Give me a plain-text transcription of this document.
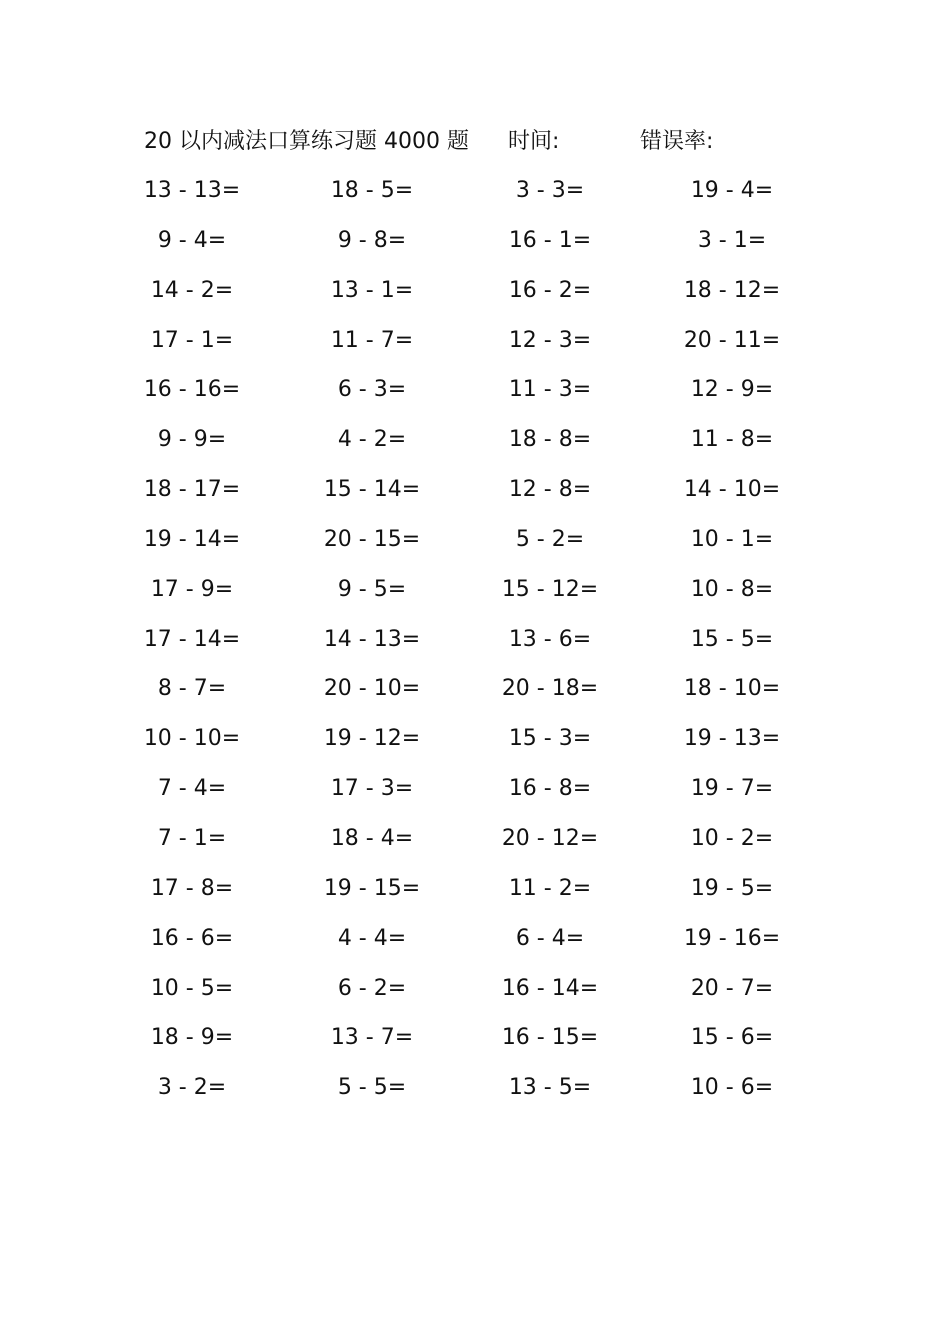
20 以内减法口算练习题 4000 题 时间:	错误率:
13 - 13=	18 - 5=	3 - 3=	19 - 4=
9 - 4=	9 - 8=	16 - 1=	3 - 1=
14 - 2=	13 - 1=	16 - 2=	18 - 12=
17 - 1=	11 - 7=	12 - 3=	20 - 11=
16 - 16=	6 - 3=	11 - 3=	12 - 9=
9 - 9=	4 - 2=	18 - 8=	11 - 8=
18 - 17=	15 - 14=	12 - 8=	14 - 10=
19 - 14=	20 - 15=	5 - 2=	10 - 1=
17 - 9=	9 - 5=	15 - 12=	10 - 8=
17 - 14=	14 - 13=	13 - 6=	15 - 5=
8 - 7=	20 - 10=	20 - 18=	18 - 10=
10 - 10=	19 - 12=	15 - 3=	19 - 13=
7 - 4=	17 - 3=	16 - 8=	19 - 7=
7 - 1=	18 - 4=	20 - 12=	10 - 2=
17 - 8=	19 - 15=	11 - 2=	19 - 5=
16 - 6=	4 - 4=	6 - 4=	19 - 16=
10 - 5=	6 - 2=	16 - 14=	20 - 7=
18 - 9=	13 - 7=	16 - 15=	15 - 6=
3 - 2=	5 - 5=	13 - 5=	10 - 6=
